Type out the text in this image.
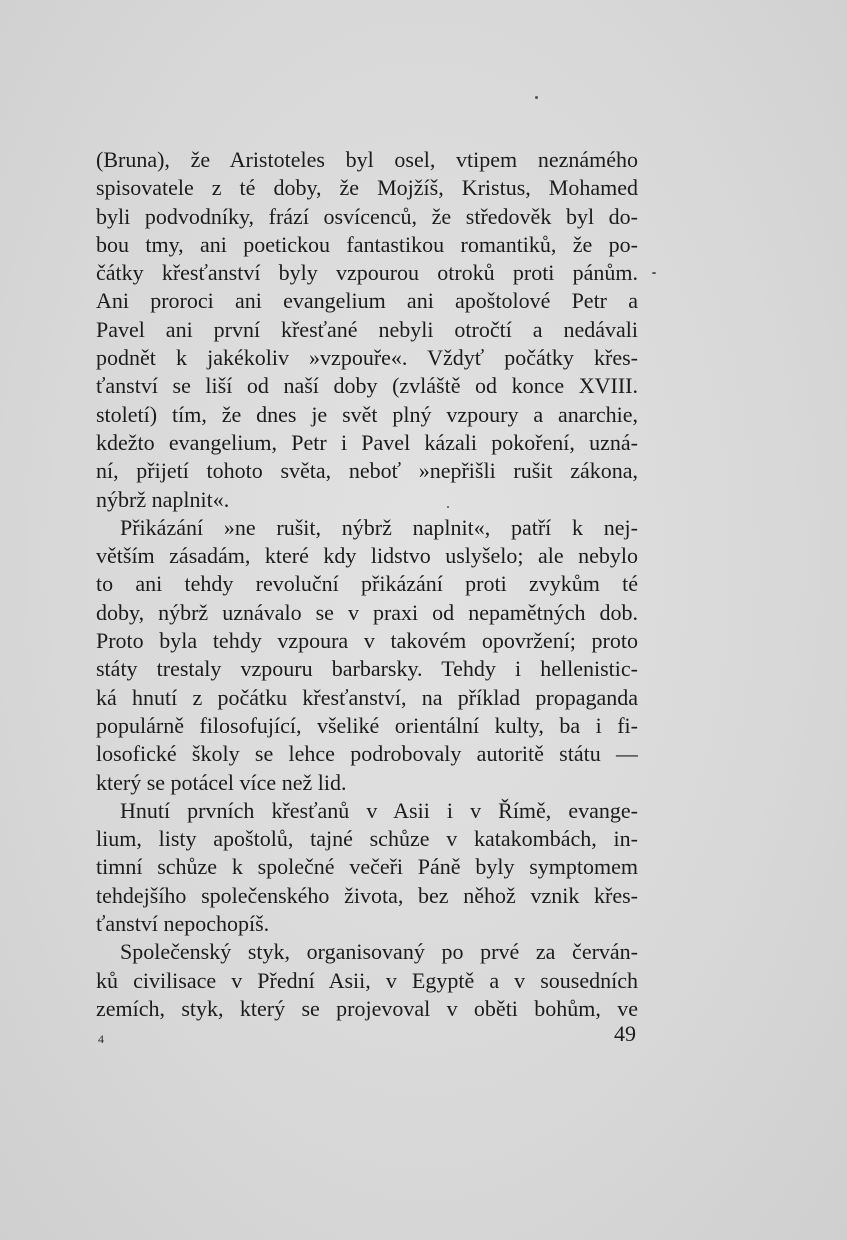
(Bruna), že Aristoteles byl osel, vtipem neznámého
spisovatele z té doby, že Mojžíš, Kristus, Mohamed
byli podvodníky, frází osvícenců, že středověk byl do-
bou tmy, ani poetickou fantastikou romantiků, že po-
čátky křesťanství byly vzpourou otroků proti pánům.
Ani proroci ani evangelium ani apoštolové Petr a
Pavel ani první křesťané nebyli otročtí a nedávali
podnět k jakékoliv »vzpouře«. Vždyť počátky křes-
ťanství se liší od naší doby (zvláště od konce XVIII.
století) tím, že dnes je svět plný vzpoury a anarchie,
kdežto evangelium, Petr i Pavel kázali pokoření, uzná-
ní, přijetí tohoto světa, neboť »nepřišli rušit zákona,
nýbrž naplnit«.
Přikázání »ne rušit, nýbrž naplnit«, patří k nej-
větším zásadám, které kdy lidstvo uslyšelo; ale nebylo
to ani tehdy revoluční přikázání proti zvykům té
doby, nýbrž uznávalo se v praxi od nepamětných dob.
Proto byla tehdy vzpoura v takovém opovržení; proto
státy trestaly vzpouru barbarsky. Tehdy i hellenistic-
ká hnutí z počátku křesťanství, na příklad propaganda
populárně filosofující, všeliké orientální kulty, ba i fi-
losofické školy se lehce podrobovaly autoritě státu —
který se potácel více než lid.
Hnutí prvních křesťanů v Asii i v Římě, evange-
lium, listy apoštolů, tajné schůze v katakombách, in-
timní schůze k společné večeři Páně byly symptomem
tehdejšího společenského života, bez něhož vznik křes-
ťanství nepochopíš.
Společenský styk, organisovaný po prvé za červán-
ků civilisace v Přední Asii, v Egyptě a v sousedních
zemích, styk, který se projevoval v oběti bohům, ve
4	49
